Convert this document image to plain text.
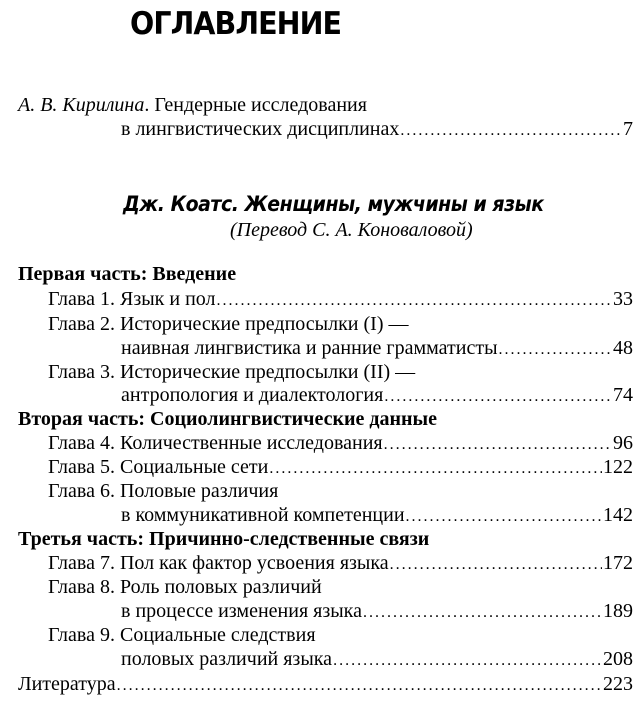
ОГЛАВЛЕНИЕ
А. В. Кирилина. Гендерные исследования
в лингвистических дисциплинах .....	7
Дж. Коатс. Женщины, мужчины и язык
(Перевод С. А. Коноваловой)
Первая часть: Введение
Глава 1. Язык и пол .....	33
Глава 2. Исторические предпосылки (I) —
наивная лингвистика и ранние грамматисты .....	48
Глава 3. Исторические предпосылки (II) —
антропология и диалектология .....	74
Вторая часть: Социолингвистические данные
Глава 4. Количественные исследования .....	96
Глава 5. Социальные сети .....	122
Глава 6. Половые различия
в коммуникативной компетенции .....	142
Третья часть: Причинно-следственные связи
Глава 7. Пол как фактор усвоения языка .....	172
Глава 8. Роль половых различий
в процессе изменения языка .....	189
Глава 9. Социальные следствия
половых различий языка .....	208
Литература .....	223
